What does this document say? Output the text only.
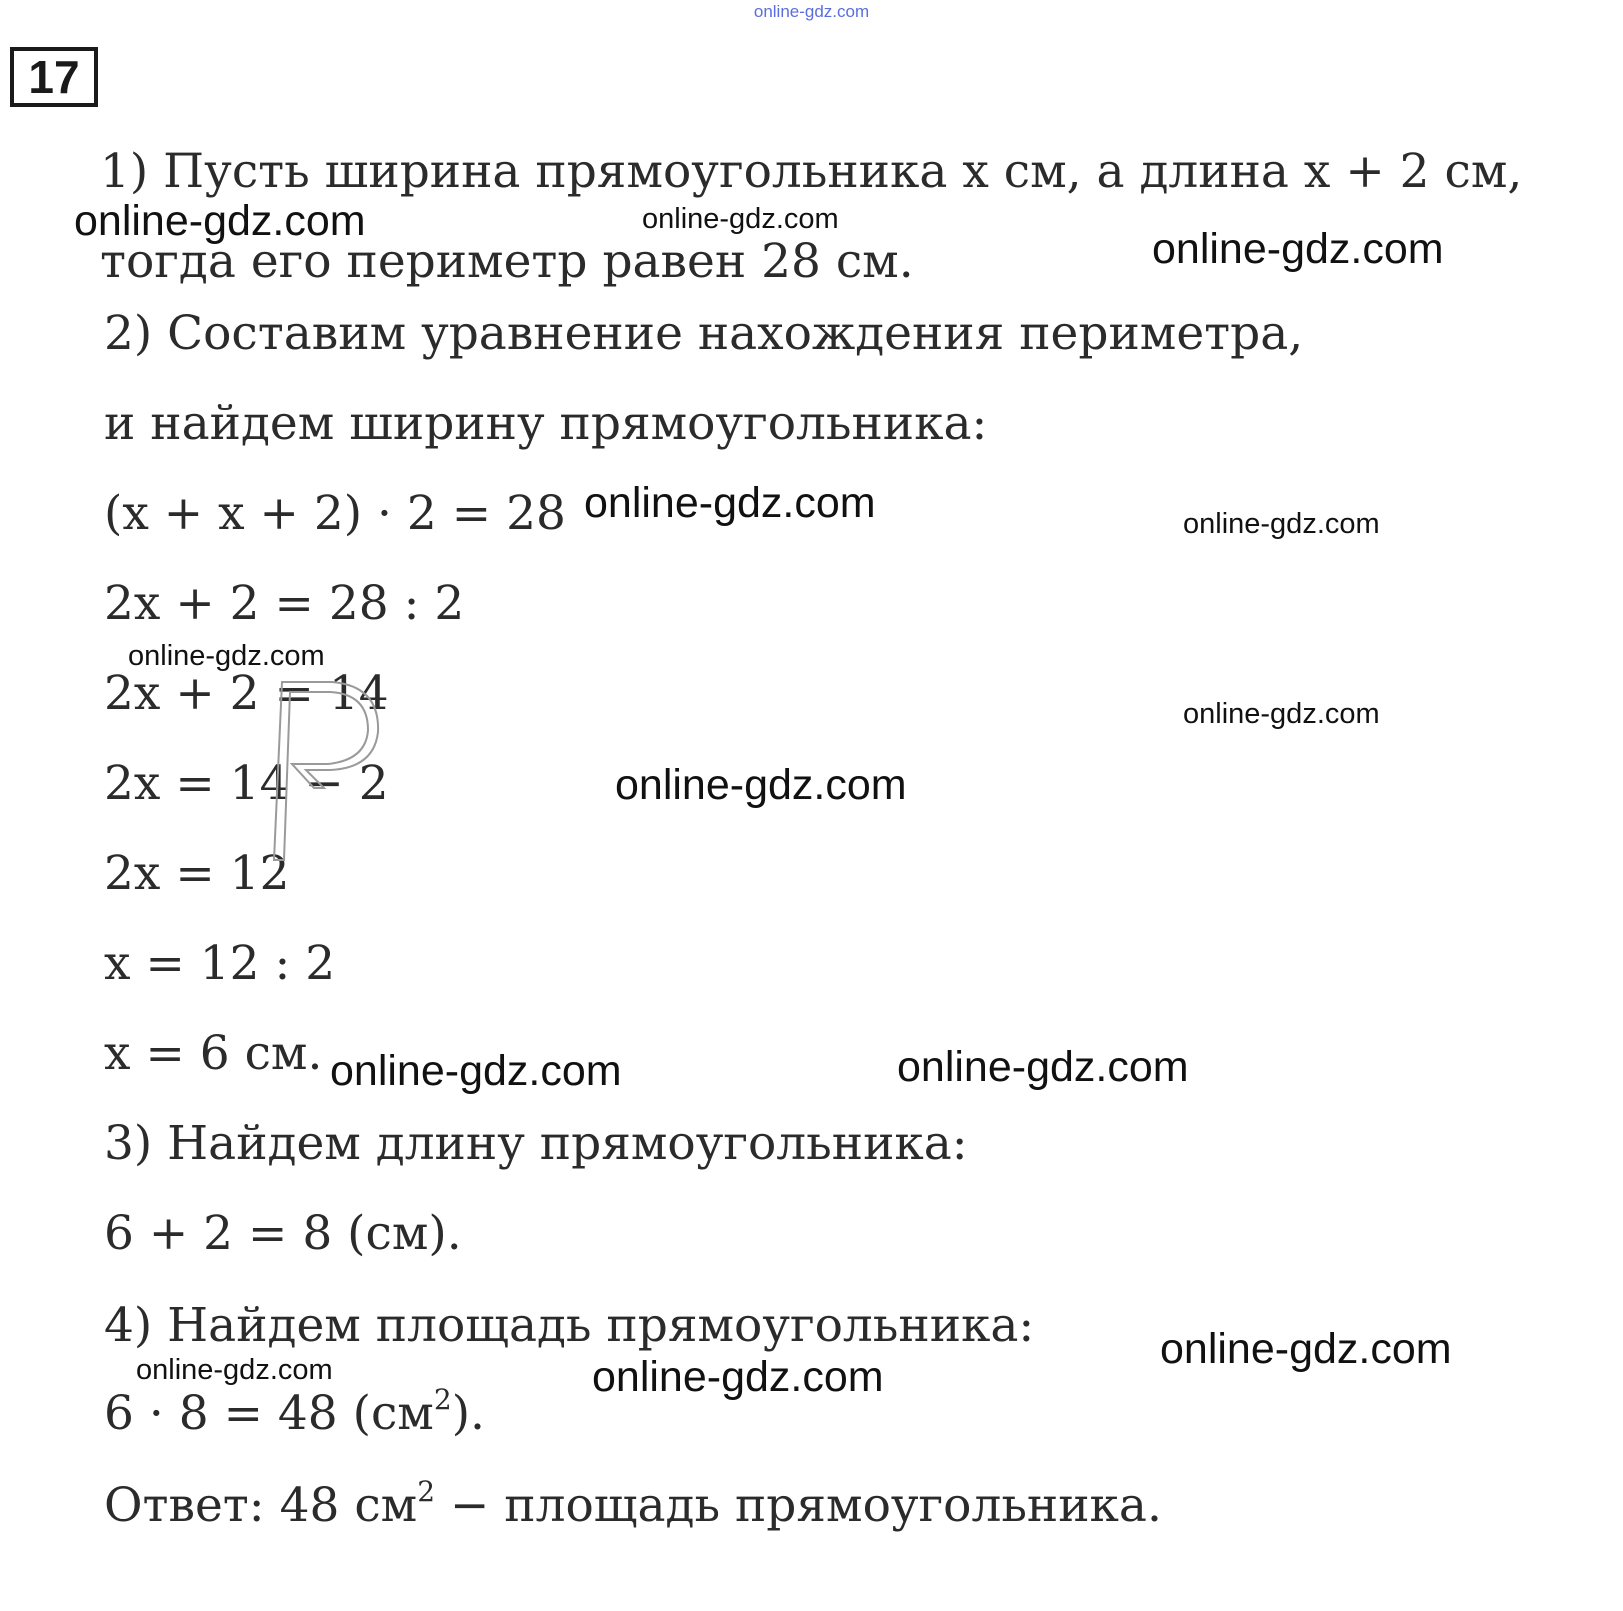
online-gdz.com
17
1) Пусть ширина прямоугольника x см, а длина x + 2 см,
тогда его периметр равен 28 см.
2) Составим уравнение нахождения периметра,
и найдем ширину прямоугольника:
(x + x + 2) · 2 = 28
2x + 2 = 28 : 2
2x + 2 = 14
2x = 14 − 2
2x = 12
x = 12 : 2
x = 6 см.
3) Найдем длину прямоугольника:
6 + 2 = 8 (см).
4) Найдем площадь прямоугольника:
6 · 8 = 48 $(см^2)$.
Ответ: 48 $см^2$ − площадь прямоугольника.
online-gdz.com	online-gdz.com
online-gdz.com
online-gdz.com	online-gdz.com
online-gdz.com
online-gdz.com
online-gdz.com
online-gdz.com	online-gdz.com
online-gdz.com
online-gdz.com	online-gdz.com
